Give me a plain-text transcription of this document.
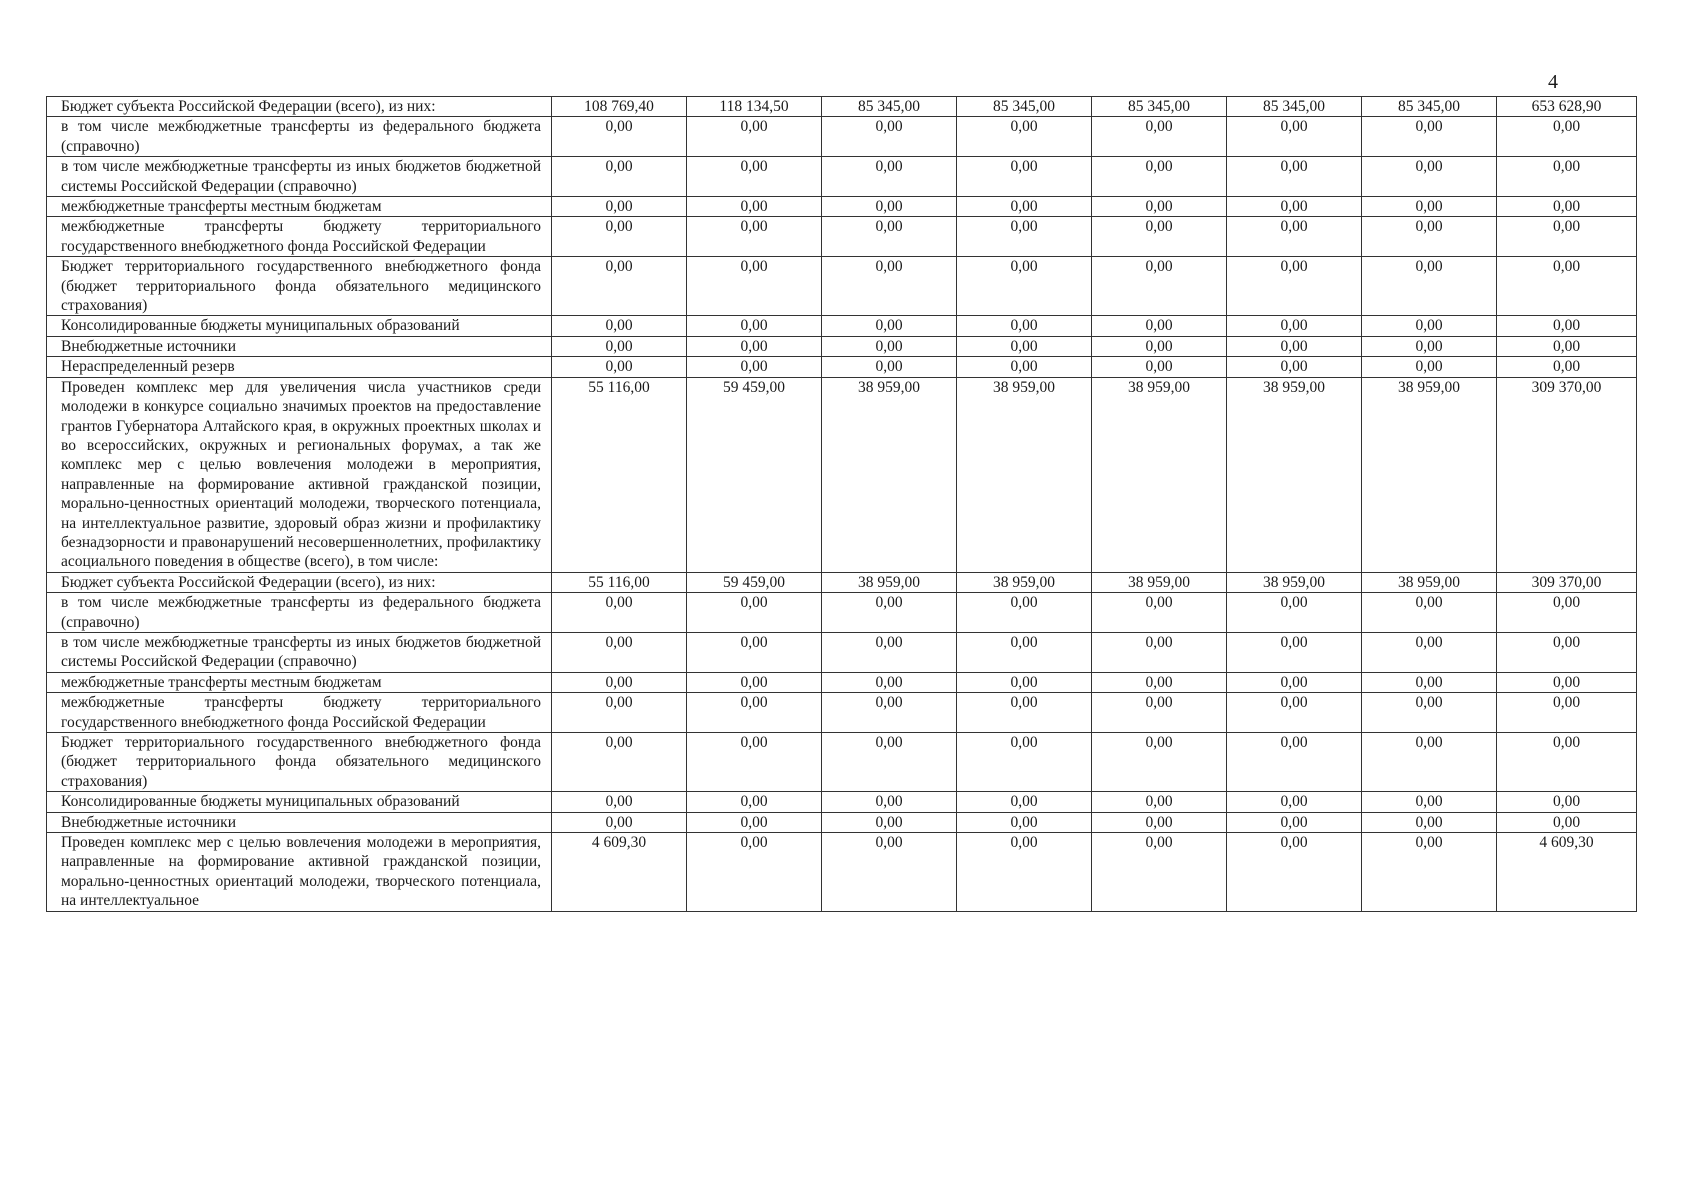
4
Бюджет субъекта Российской Федерации (всего), из них:	108 769,40	118 134,50	85 345,00	85 345,00	85 345,00	85 345,00	85 345,00	653 628,90
в том числе межбюджетные трансферты из федерального бюджета (справочно)	0,00	0,00	0,00	0,00	0,00	0,00	0,00	0,00
в том числе межбюджетные трансферты из иных бюджетов бюджетной системы Российской Федерации (справочно)	0,00	0,00	0,00	0,00	0,00	0,00	0,00	0,00
межбюджетные трансферты местным бюджетам	0,00	0,00	0,00	0,00	0,00	0,00	0,00	0,00
межбюджетные трансферты бюджету территориального государственного внебюджетного фонда Российской Федерации	0,00	0,00	0,00	0,00	0,00	0,00	0,00	0,00
Бюджет территориального государственного внебюджетного фонда (бюджет территориального фонда обязательного медицинского страхования)	0,00	0,00	0,00	0,00	0,00	0,00	0,00	0,00
Консолидированные бюджеты муниципальных образований	0,00	0,00	0,00	0,00	0,00	0,00	0,00	0,00
Внебюджетные источники	0,00	0,00	0,00	0,00	0,00	0,00	0,00	0,00
Нераспределенный резерв	0,00	0,00	0,00	0,00	0,00	0,00	0,00	0,00
Проведен комплекс мер для увеличения числа участников среди молодежи в конкурсе социально значимых проектов на предоставление грантов Губернатора Алтайского края, в окружных проектных школах и во всероссийских, окружных и региональных форумах, а так же комплекс мер с целью вовлечения молодежи в мероприятия, направленные на формирование активной гражданской позиции, морально-ценностных ориентаций молодежи, творческого потенциала, на интеллектуальное развитие, здоровый образ жизни и профилактику безнадзорности и правонарушений несовершеннолетних, профилактику асоциального поведения в обществе (всего), в том числе:	55 116,00	59 459,00	38 959,00	38 959,00	38 959,00	38 959,00	38 959,00	309 370,00
Бюджет субъекта Российской Федерации (всего), из них:	55 116,00	59 459,00	38 959,00	38 959,00	38 959,00	38 959,00	38 959,00	309 370,00
в том числе межбюджетные трансферты из федерального бюджета (справочно)	0,00	0,00	0,00	0,00	0,00	0,00	0,00	0,00
в том числе межбюджетные трансферты из иных бюджетов бюджетной системы Российской Федерации (справочно)	0,00	0,00	0,00	0,00	0,00	0,00	0,00	0,00
межбюджетные трансферты местным бюджетам	0,00	0,00	0,00	0,00	0,00	0,00	0,00	0,00
межбюджетные трансферты бюджету территориального государственного внебюджетного фонда Российской Федерации	0,00	0,00	0,00	0,00	0,00	0,00	0,00	0,00
Бюджет территориального государственного внебюджетного фонда (бюджет территориального фонда обязательного медицинского страхования)	0,00	0,00	0,00	0,00	0,00	0,00	0,00	0,00
Консолидированные бюджеты муниципальных образований	0,00	0,00	0,00	0,00	0,00	0,00	0,00	0,00
Внебюджетные источники	0,00	0,00	0,00	0,00	0,00	0,00	0,00	0,00
Проведен комплекс мер с целью вовлечения молодежи в мероприятия, направленные на формирование активной гражданской позиции, морально-ценностных ориентаций молодежи, творческого потенциала, на интеллектуальное	4 609,30	0,00	0,00	0,00	0,00	0,00	0,00	4 609,30
